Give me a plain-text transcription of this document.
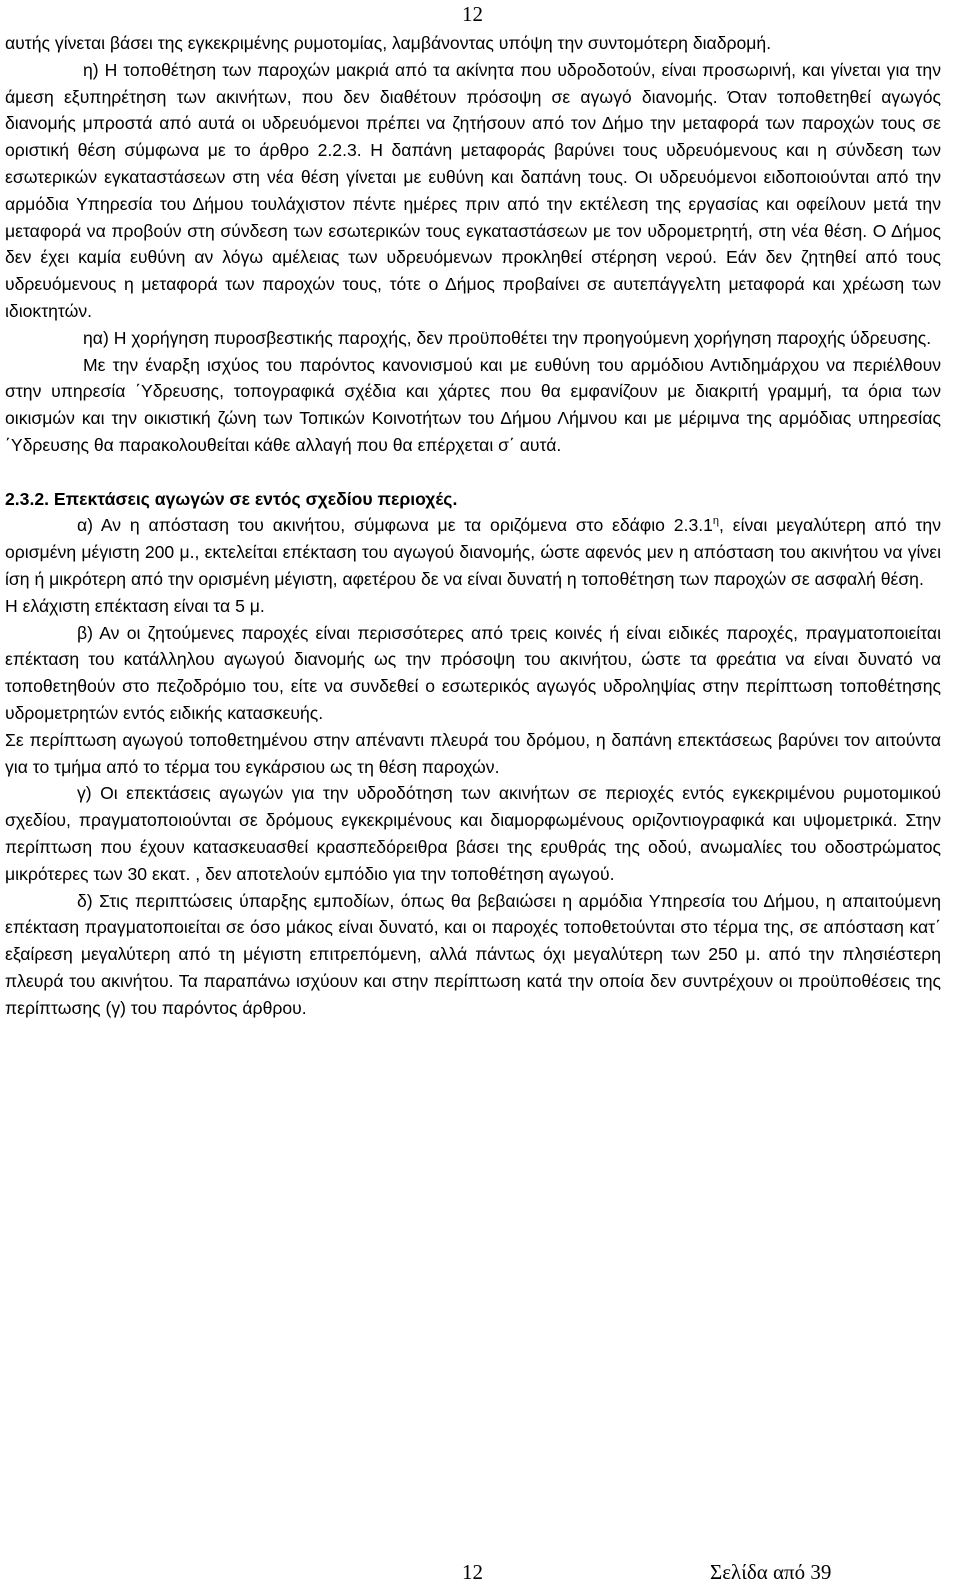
12

αυτής γίνεται βάσει της εγκεκριμένης ρυμοτομίας, λαμβάνοντας υπόψη την συντομότερη διαδρομή.

η) Η τοποθέτηση των παροχών μακριά από τα ακίνητα που υδροδοτούν, είναι προσωρινή, και γίνεται για την άμεση εξυπηρέτηση των ακινήτων, που δεν διαθέτουν πρόσοψη σε αγωγό διανομής. Όταν τοποθετηθεί αγωγός διανομής μπροστά από αυτά οι υδρευόμενοι πρέπει να ζητήσουν από τον Δήμο την μεταφορά των παροχών τους σε οριστική θέση σύμφωνα με το άρθρο 2.2.3. Η δαπάνη μεταφοράς βαρύνει τους υδρευόμενους και η σύνδεση των εσωτερικών εγκαταστάσεων στη νέα θέση γίνεται με ευθύνη και δαπάνη τους. Οι υδρευόμενοι ειδοποιούνται από την αρμόδια Υπηρεσία του Δήμου τουλάχιστον πέντε ημέρες πριν από την εκτέλεση της εργασίας και οφείλουν μετά την μεταφορά να προβούν στη σύνδεση των εσωτερικών τους εγκαταστάσεων με τον υδρομετρητή, στη νέα θέση. Ο Δήμος δεν έχει καμία ευθύνη αν λόγω αμέλειας των υδρευόμενων προκληθεί στέρηση νερού. Εάν δεν ζητηθεί από τους υδρευόμενους η μεταφορά των παροχών τους, τότε ο Δήμος προβαίνει σε αυτεπάγγελτη μεταφορά και χρέωση των ιδιοκτητών.

ηα) Η χορήγηση πυροσβεστικής παροχής, δεν προϋποθέτει την προηγούμενη χορήγηση παροχής ύδρευσης.

Με την έναρξη ισχύος του παρόντος κανονισμού και με ευθύνη του αρμόδιου Αντιδημάρχου να περιέλθουν στην υπηρεσία ΄Υδρευσης, τοπογραφικά σχέδια και χάρτες που θα εμφανίζουν με διακριτή γραμμή, τα όρια των οικισμών και την οικιστική ζώνη των Τοπικών Κοινοτήτων του Δήμου Λήμνου και με μέριμνα της αρμόδιας υπηρεσίας ΄Υδρευσης θα παρακολουθείται κάθε αλλαγή που θα επέρχεται σ΄ αυτά.

2.3.2. Επεκτάσεις αγωγών σε εντός σχεδίου περιοχές.

α) Αν η απόσταση του ακινήτου, σύμφωνα με τα οριζόμενα στο εδάφιο $2.3.1^\eta$, είναι μεγαλύτερη από την ορισμένη μέγιστη 200 μ., εκτελείται επέκταση του αγωγού διανομής, ώστε αφενός μεν η απόσταση του ακινήτου να γίνει ίση ή μικρότερη από την ορισμένη μέγιστη, αφετέρου δε να είναι δυνατή η τοποθέτηση των παροχών σε ασφαλή θέση.

Η ελάχιστη επέκταση είναι τα 5 μ.

β) Αν οι ζητούμενες παροχές είναι περισσότερες από τρεις κοινές ή είναι ειδικές παροχές, πραγματοποιείται επέκταση του κατάλληλου αγωγού διανομής ως την πρόσοψη του ακινήτου, ώστε τα φρεάτια να είναι δυνατό να τοποθετηθούν στο πεζοδρόμιο του, είτε να συνδεθεί ο εσωτερικός αγωγός υδροληψίας στην περίπτωση τοποθέτησης υδρομετρητών εντός ειδικής κατασκευής.

Σε περίπτωση αγωγού τοποθετημένου στην απέναντι πλευρά του δρόμου, η δαπάνη επεκτάσεως βαρύνει τον αιτούντα για το τμήμα από το τέρμα του εγκάρσιου ως τη θέση παροχών.

γ) Οι επεκτάσεις αγωγών για την υδροδότηση των ακινήτων σε περιοχές εντός εγκεκριμένου ρυμοτομικού σχεδίου, πραγματοποιούνται σε δρόμους εγκεκριμένους και διαμορφωμένους οριζοντιογραφικά και υψομετρικά. Στην περίπτωση που έχουν κατασκευασθεί κρασπεδόρειθρα βάσει της ερυθράς της οδού, ανωμαλίες του οδοστρώματος μικρότερες των 30 εκατ. , δεν αποτελούν εμπόδιο για την τοποθέτηση αγωγού.

δ) Στις περιπτώσεις ύπαρξης εμποδίων, όπως θα βεβαιώσει η αρμόδια Υπηρεσία του Δήμου, η απαιτούμενη επέκταση πραγματοποιείται σε όσο μάκος είναι δυνατό, και οι παροχές τοποθετούνται στο τέρμα της, σε απόσταση κατ΄ εξαίρεση μεγαλύτερη από τη μέγιστη επιτρεπόμενη, αλλά πάντως όχι μεγαλύτερη των 250 μ. από την πλησιέστερη πλευρά του ακινήτου. Τα παραπάνω ισχύουν και στην περίπτωση κατά την οποία δεν συντρέχουν οι προϋποθέσεις της περίπτωσης (γ) του παρόντος άρθρου.

12	Σελίδα από 39
